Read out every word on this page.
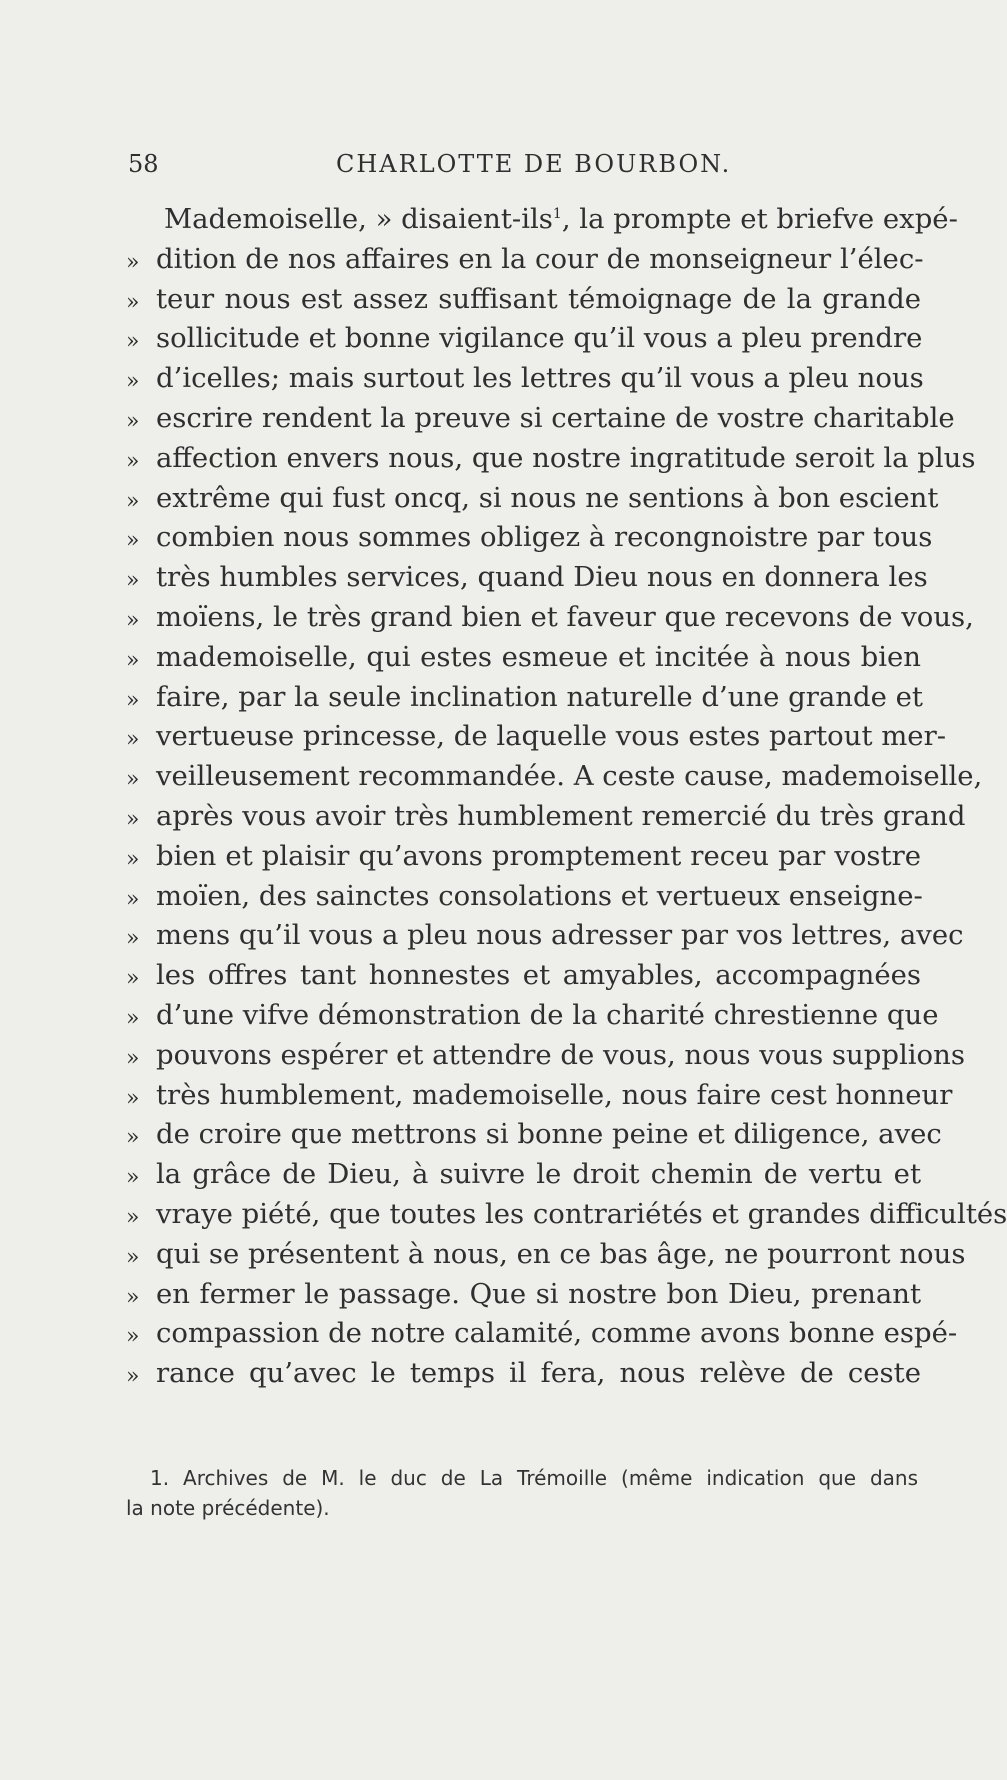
58	CHARLOTTE DE BOURBON.
Mademoiselle, » disaient-ils$^1$, la prompte et briefve expé-
» dition de nos affaires en la cour de monseigneur l’élec-
» teur nous est assez suffisant témoignage de la grande
» sollicitude et bonne vigilance qu’il vous a pleu prendre
» d’icelles; mais surtout les lettres qu’il vous a pleu nous
» escrire rendent la preuve si certaine de vostre charitable
» affection envers nous, que nostre ingratitude seroit la plus
» extrême qui fust oncq, si nous ne sentions à bon escient
» combien nous sommes obligez à recongnoistre par tous
» très humbles services, quand Dieu nous en donnera les
» moïens, le très grand bien et faveur que recevons de vous,
» mademoiselle, qui estes esmeue et incitée à nous bien
» faire, par la seule inclination naturelle d’une grande et
» vertueuse princesse, de laquelle vous estes partout mer-
» veilleusement recommandée. A ceste cause, mademoiselle,
» après vous avoir très humblement remercié du très grand
» bien et plaisir qu’avons promptement receu par vostre
» moïen, des sainctes consolations et vertueux enseigne-
» mens qu’il vous a pleu nous adresser par vos lettres, avec
» les offres tant honnestes et amyables, accompagnées
» d’une vifve démonstration de la charité chrestienne que
» pouvons espérer et attendre de vous, nous vous supplions
» très humblement, mademoiselle, nous faire cest honneur
» de croire que mettrons si bonne peine et diligence, avec
» la grâce de Dieu, à suivre le droit chemin de vertu et
» vraye piété, que toutes les contrariétés et grandes difficultés
» qui se présentent à nous, en ce bas âge, ne pourront nous
» en fermer le passage. Que si nostre bon Dieu, prenant
» compassion de notre calamité, comme avons bonne espé-
» rance qu’avec le temps il fera, nous relève de ceste
1. Archives de M. le duc de La Trémoille (même indication que dans
la note précédente).
